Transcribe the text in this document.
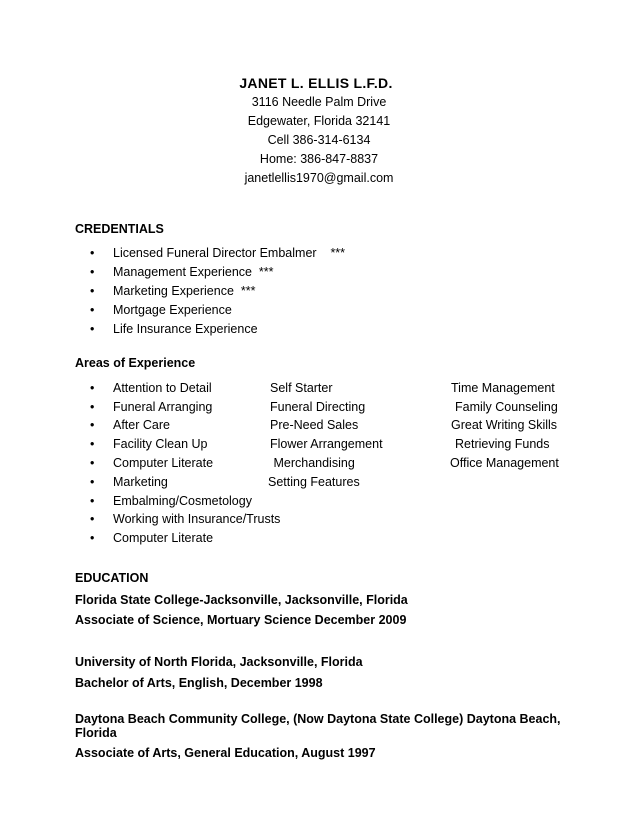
JANET L. ELLIS L.F.D.
3116 Needle Palm Drive
Edgewater, Florida 32141
Cell 386-314-6134
Home: 386-847-8837
janetlellis1970@gmail.com
CREDENTIALS
• Licensed Funeral Director Embalmer    ***
• Management Experience  ***
• Marketing Experience  ***
• Mortgage Experience
• Life Insurance Experience
Areas of Experience
• Attention to Detail
• Funeral Arranging
• After Care
• Facility Clean Up
• Computer Literate
• Marketing
• Embalming/Cosmetology
• Working with Insurance/Trusts
• Computer Literate
Self Starter
Funeral Directing
Pre-Need Sales
Flower Arrangement
Merchandising
Setting Features
Time Management
Family Counseling
Great Writing Skills
Retrieving Funds
Office Management
EDUCATION
Florida State College-Jacksonville, Jacksonville, Florida
Associate of Science, Mortuary Science December 2009
University of North Florida, Jacksonville, Florida
Bachelor of Arts, English, December 1998
Daytona Beach Community College, (Now Daytona State College) Daytona Beach,
Florida
Associate of Arts, General Education, August 1997
